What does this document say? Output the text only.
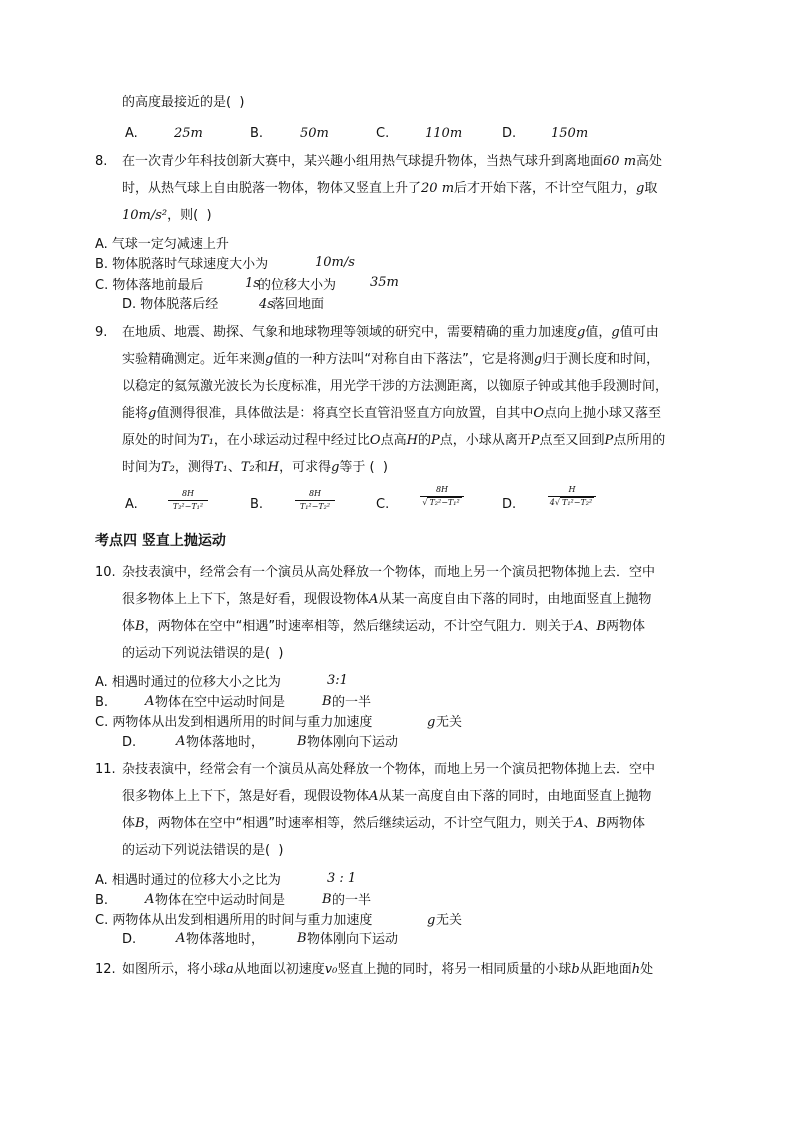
的高度最接近的是(  )
A.	25m	B.	50m	C.	110m	D.	150m
8. 在一次青少年科技创新大赛中，某兴趣小组用热气球提升物体，当热气球升到离地面60 m高处
时，从热气球上自由脱落一物体，物体又竖直上升了20 m后才开始下落，不计空气阻力，g取
10m/s²，则(  )
A. 气球一定匀减速上升
B. 物体脱落时气球速度大小为	10m/s
C. 物体落地前最后	1s
的位移大小为	35m
D. 物体脱落后经	4s
落回地面
9. 在地质、地震、勘探、气象和地球物理等领域的研究中，需要精确的重力加速度g值，g值可由
实验精确测定。近年来测g值的一种方法叫“对称自由下落法”，它是将测g归于测长度和时间，
以稳定的氦氖激光波长为长度标准，用光学干涉的方法测距离，以铷原子钟或其他手段测时间，
能将g值测得很准，具体做法是：将真空长直管沿竖直方向放置，自其中O点向上抛小球又落至
原处的时间为T₁，在小球运动过程中经过比O点高H的P点，小球从离开P点至又回到P点所用的
时间为T₂，测得T₁、T₂和H，可求得g等于 (  )
A.
8H
T₂²−T₁²	B.
8H
T₁²−T₂²	C.
8H
√ T₂²−T₁²	D.
H
4√ T₁²−T₂²
考点四 竖直上抛运动
10. 杂技表演中，经常会有一个演员从高处释放一个物体，而地上另一个演员把物体抛上去．空中
很多物体上上下下，煞是好看，现假设物体A从某一高度自由下落的同时，由地面竖直上抛物
体B，两物体在空中“相遇”时速率相等，然后继续运动，不计空气阻力．则关于A、B两物体
的运动下列说法错误的是(  )
A. 相遇时通过的位移大小之比为	3:1
B.	A 物体在空中运动时间是	B 的一半
C. 两物体从出发到相遇所用的时间与重力加速度	g 无关
D.	A 物体落地时，	B 物体刚向下运动
11. 杂技表演中，经常会有一个演员从高处释放一个物体，而地上另一个演员把物体抛上去．空中
很多物体上上下下，煞是好看，现假设物体A从某一高度自由下落的同时，由地面竖直上抛物
体B，两物体在空中“相遇”时速率相等，然后继续运动，不计空气阻力，则关于A、B两物体
的运动下列说法错误的是(  )
A. 相遇时通过的位移大小之比为	3 : 1
B.	A 物体在空中运动时间是	B 的一半
C. 两物体从出发到相遇所用的时间与重力加速度	g 无关
D.	A 物体落地时，	B 物体刚向下运动
12. 如图所示，将小球a从地面以初速度v₀竖直上抛的同时，将另一相同质量的小球b从距地面h处
